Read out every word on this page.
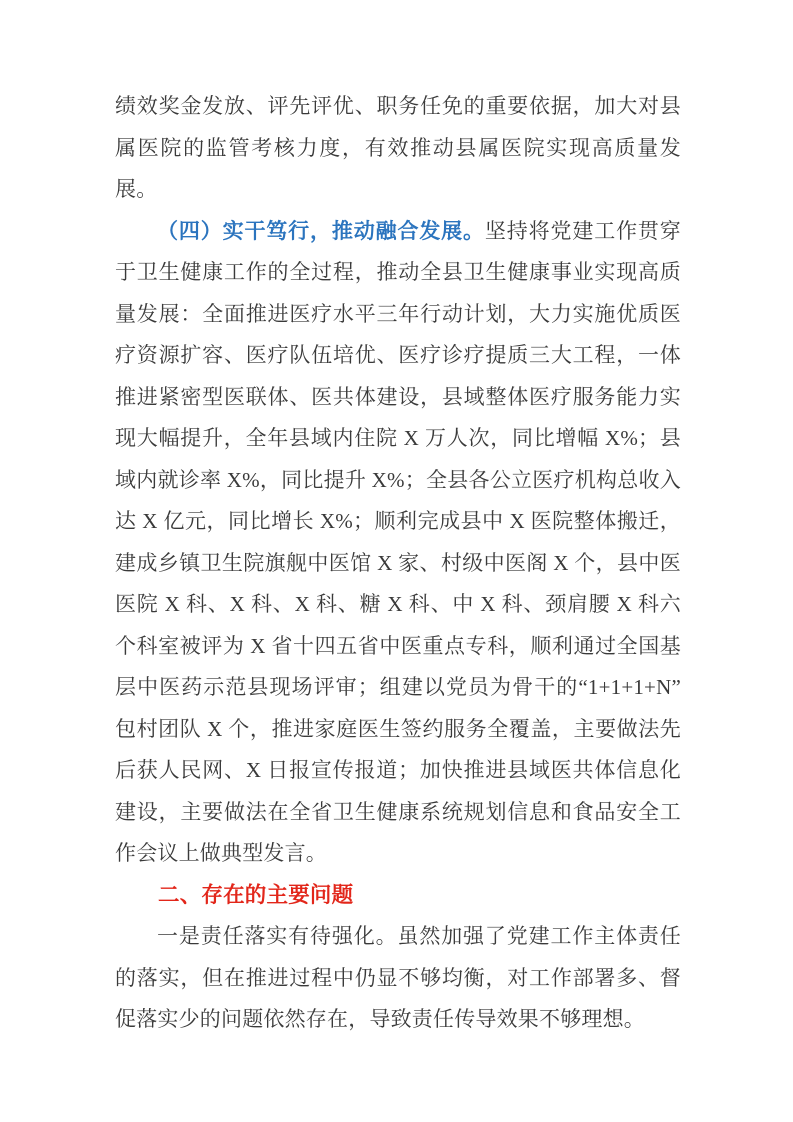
绩效奖金发放、评先评优、职务任免的重要依据，加大对县属医院的监管考核力度，有效推动县属医院实现高质量发展。

（四）实干笃行，推动融合发展。坚持将党建工作贯穿于卫生健康工作的全过程，推动全县卫生健康事业实现高质量发展：全面推进医疗水平三年行动计划，大力实施优质医疗资源扩容、医疗队伍培优、医疗诊疗提质三大工程，一体推进紧密型医联体、医共体建设，县域整体医疗服务能力实现大幅提升，全年县域内住院 X 万人次，同比增幅 X%；县域内就诊率 X%，同比提升 X%；全县各公立医疗机构总收入达 X 亿元，同比增长 X%；顺利完成县中 X 医院整体搬迁，建成乡镇卫生院旗舰中医馆 X 家、村级中医阁 X 个，县中医医院 X 科、X 科、X 科、糖 X 科、中 X 科、颈肩腰 X 科六个科室被评为 X 省十四五省中医重点专科，顺利通过全国基层中医药示范县现场评审；组建以党员为骨干的“1+1+1+N”包村团队 X 个，推进家庭医生签约服务全覆盖，主要做法先后获人民网、X 日报宣传报道；加快推进县域医共体信息化建设，主要做法在全省卫生健康系统规划信息和食品安全工作会议上做典型发言。

二、存在的主要问题

一是责任落实有待强化。虽然加强了党建工作主体责任的落实，但在推进过程中仍显不够均衡，对工作部署多、督促落实少的问题依然存在，导致责任传导效果不够理想。
